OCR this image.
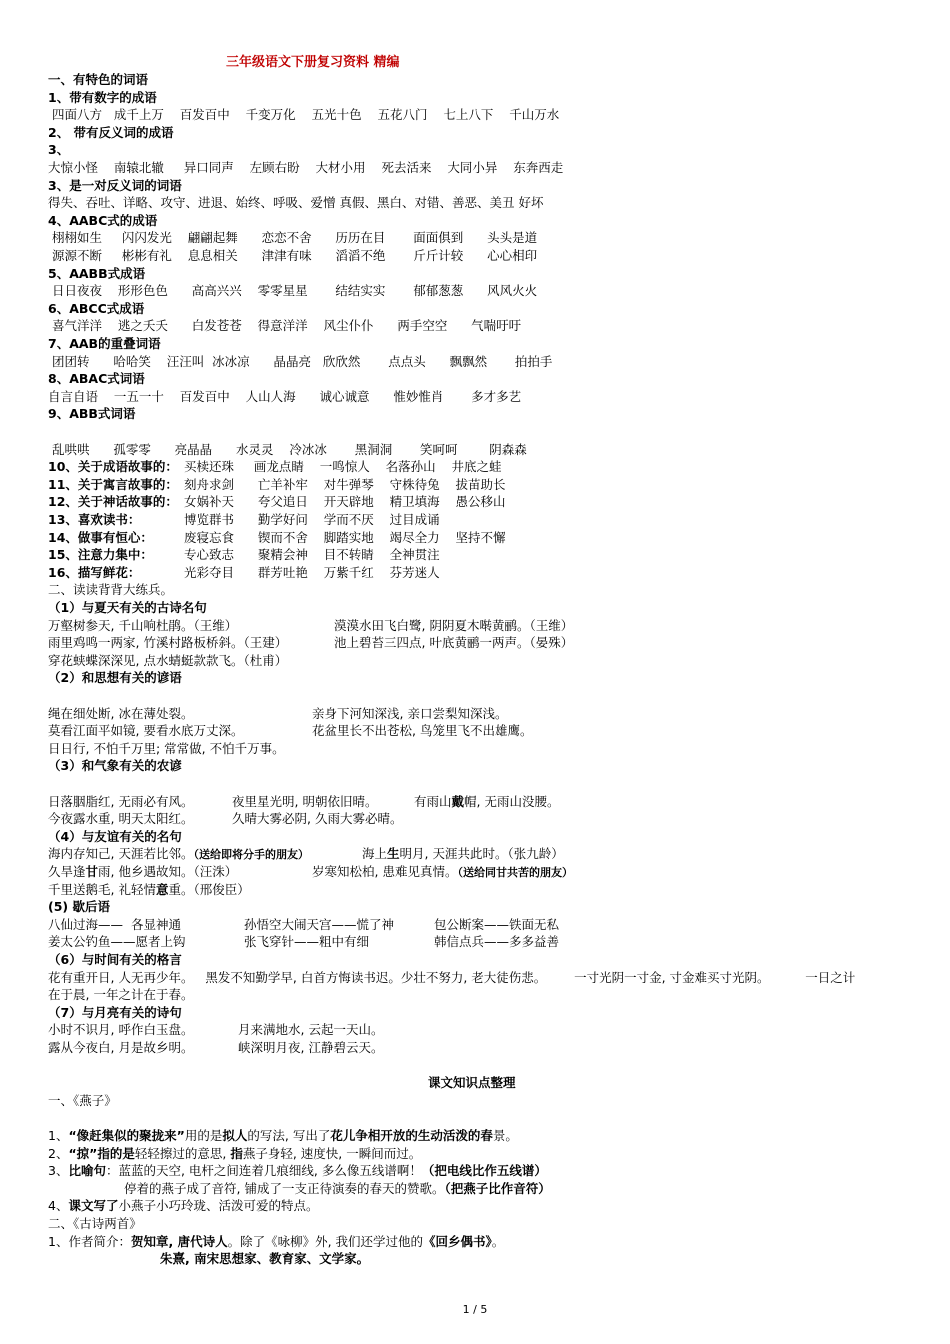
三年级语文下册复习资料 精编
一、有特色的词语
1、带有数字的成语
四面八方   成千上万    百发百中    千变万化    五光十色    五花八门    七上八下    千山万水
2、 带有反义词的成语
3、
大惊小怪    南辕北辙     异口同声    左顾右盼    大材小用    死去活来    大同小异    东奔西走
3、是一对反义词的词语
得失、吞吐、详略、攻守、进退、始终、呼吸、爱憎 真假、黑白、对错、善恶、美丑 好坏
4、AABC式的成语
栩栩如生     闪闪发光    翩翩起舞      恋恋不舍      历历在目       面面俱到      头头是道
源源不断     彬彬有礼    息息相关      津津有味      滔滔不绝       斤斤计较      心心相印
5、AABB式成语
日日夜夜    形形色色      高高兴兴    零零星星       结结实实       郁郁葱葱      风风火火
6、ABCC式成语
喜气洋洋    逃之夭夭      白发苍苍    得意洋洋    风尘仆仆      两手空空      气喘吁吁
7、AAB的重叠词语
团团转      哈哈笑    汪汪叫  冰冰凉      晶晶亮   欣欣然       点点头      飘飘然       拍拍手
8、ABAC式词语
自言自语    一五一十    百发百中    人山人海      诚心诚意      惟妙惟肖       多才多艺
9、ABB式词语
乱哄哄      孤零零      亮晶晶      水灵灵    冷冰冰       黑洞洞       笑呵呵        阴森森
10、关于成语故事的： 买椟还珠     画龙点睛    一鸣惊人    名落孙山    井底之蛙
11、关于寓言故事的： 刻舟求剑      亡羊补牢    对牛弹琴    守株待兔    拔苗助长
12、关于神话故事的： 女娲补天      夸父追日    开天辟地    精卫填海    愚公移山
13、喜欢读书：	博览群书      勤学好问    学而不厌    过目成诵
14、做事有恒心： 废寝忘食      锲而不舍    脚踏实地    竭尽全力    坚持不懈
15、注意力集中： 专心致志      聚精会神    目不转睛    全神贯注
16、描写鲜花：	光彩夺目      群芳吐艳    万紫千红    芬芳迷人
二、读读背背大练兵。
（1）与夏天有关的古诗名句
万壑树参天, 千山响杜鹃。（王维）	漠漠水田飞白鹭, 阴阴夏木啭黄鹂。（王维）
雨里鸡鸣一两家, 竹溪村路板桥斜。（王建）	池上碧苔三四点, 叶底黄鹂一两声。（晏殊）
穿花蛱蝶深深见, 点水蜻蜓款款飞。（杜甫）
（2）和思想有关的谚语
绳在细处断, 冰在薄处裂。	亲身下河知深浅, 亲口尝梨知深浅。
莫看江面平如镜, 要看水底万丈深。	花盆里长不出苍松, 鸟笼里飞不出雄鹰。
日日行, 不怕千万里; 常常做, 不怕千万事。
（3）和气象有关的农谚
日落胭脂红, 无雨必有风。	夜里星光明, 明朝依旧晴。	有雨山戴帽, 无雨山没腰。
今夜露水重, 明天太阳红。	久晴大雾必阴, 久雨大雾必晴。
（4）与友谊有关的名句
海内存知己, 天涯若比邻。（送给即将分手的朋友）	海上生明月, 天涯共此时。（张九龄）
久旱逢甘雨, 他乡遇故知。（汪洙）	岁寒知松柏, 患难见真情。（送给同甘共苦的朋友）
千里送鹅毛, 礼轻情意重。（邢俊臣）
(5) 歇后语
八仙过海——  各显神通	孙悟空大闹天宫——慌了神	包公断案——铁面无私
姜太公钓鱼——愿者上钩	张飞穿针——粗中有细	韩信点兵——多多益善
（6）与时间有关的格言
花有重开日, 人无再少年。   黑发不知勤学早, 白首方悔读书迟。少壮不努力, 老大徒伤悲。       一寸光阴一寸金, 寸金难买寸光阴。         一日之计
在于晨, 一年之计在于春。
（7）与月亮有关的诗句
小时不识月, 呼作白玉盘。	月来满地水, 云起一天山。
露从今夜白, 月是故乡明。	峡深明月夜, 江静碧云天。
课文知识点整理
一、《燕子》
1、“像赶集似的聚拢来”用的是拟人的写法, 写出了花儿争相开放的生动活泼的春景。
2、“掠”指的是轻轻擦过的意思, 指燕子身轻, 速度快, 一瞬间而过。
3、比喻句：蓝蓝的天空, 电杆之间连着几痕细线, 多么像五线谱啊！（把电线比作五线谱）
停着的燕子成了音符, 铺成了一支正待演奏的春天的赞歌。（把燕子比作音符）
4、课文写了小燕子小巧玲珑、活泼可爱的特点。
二、《古诗两首》
1、作者简介：贺知章, 唐代诗人。除了《咏柳》外, 我们还学过他的《回乡偶书》。
朱熹, 南宋思想家、教育家、文学家。
1 / 5
